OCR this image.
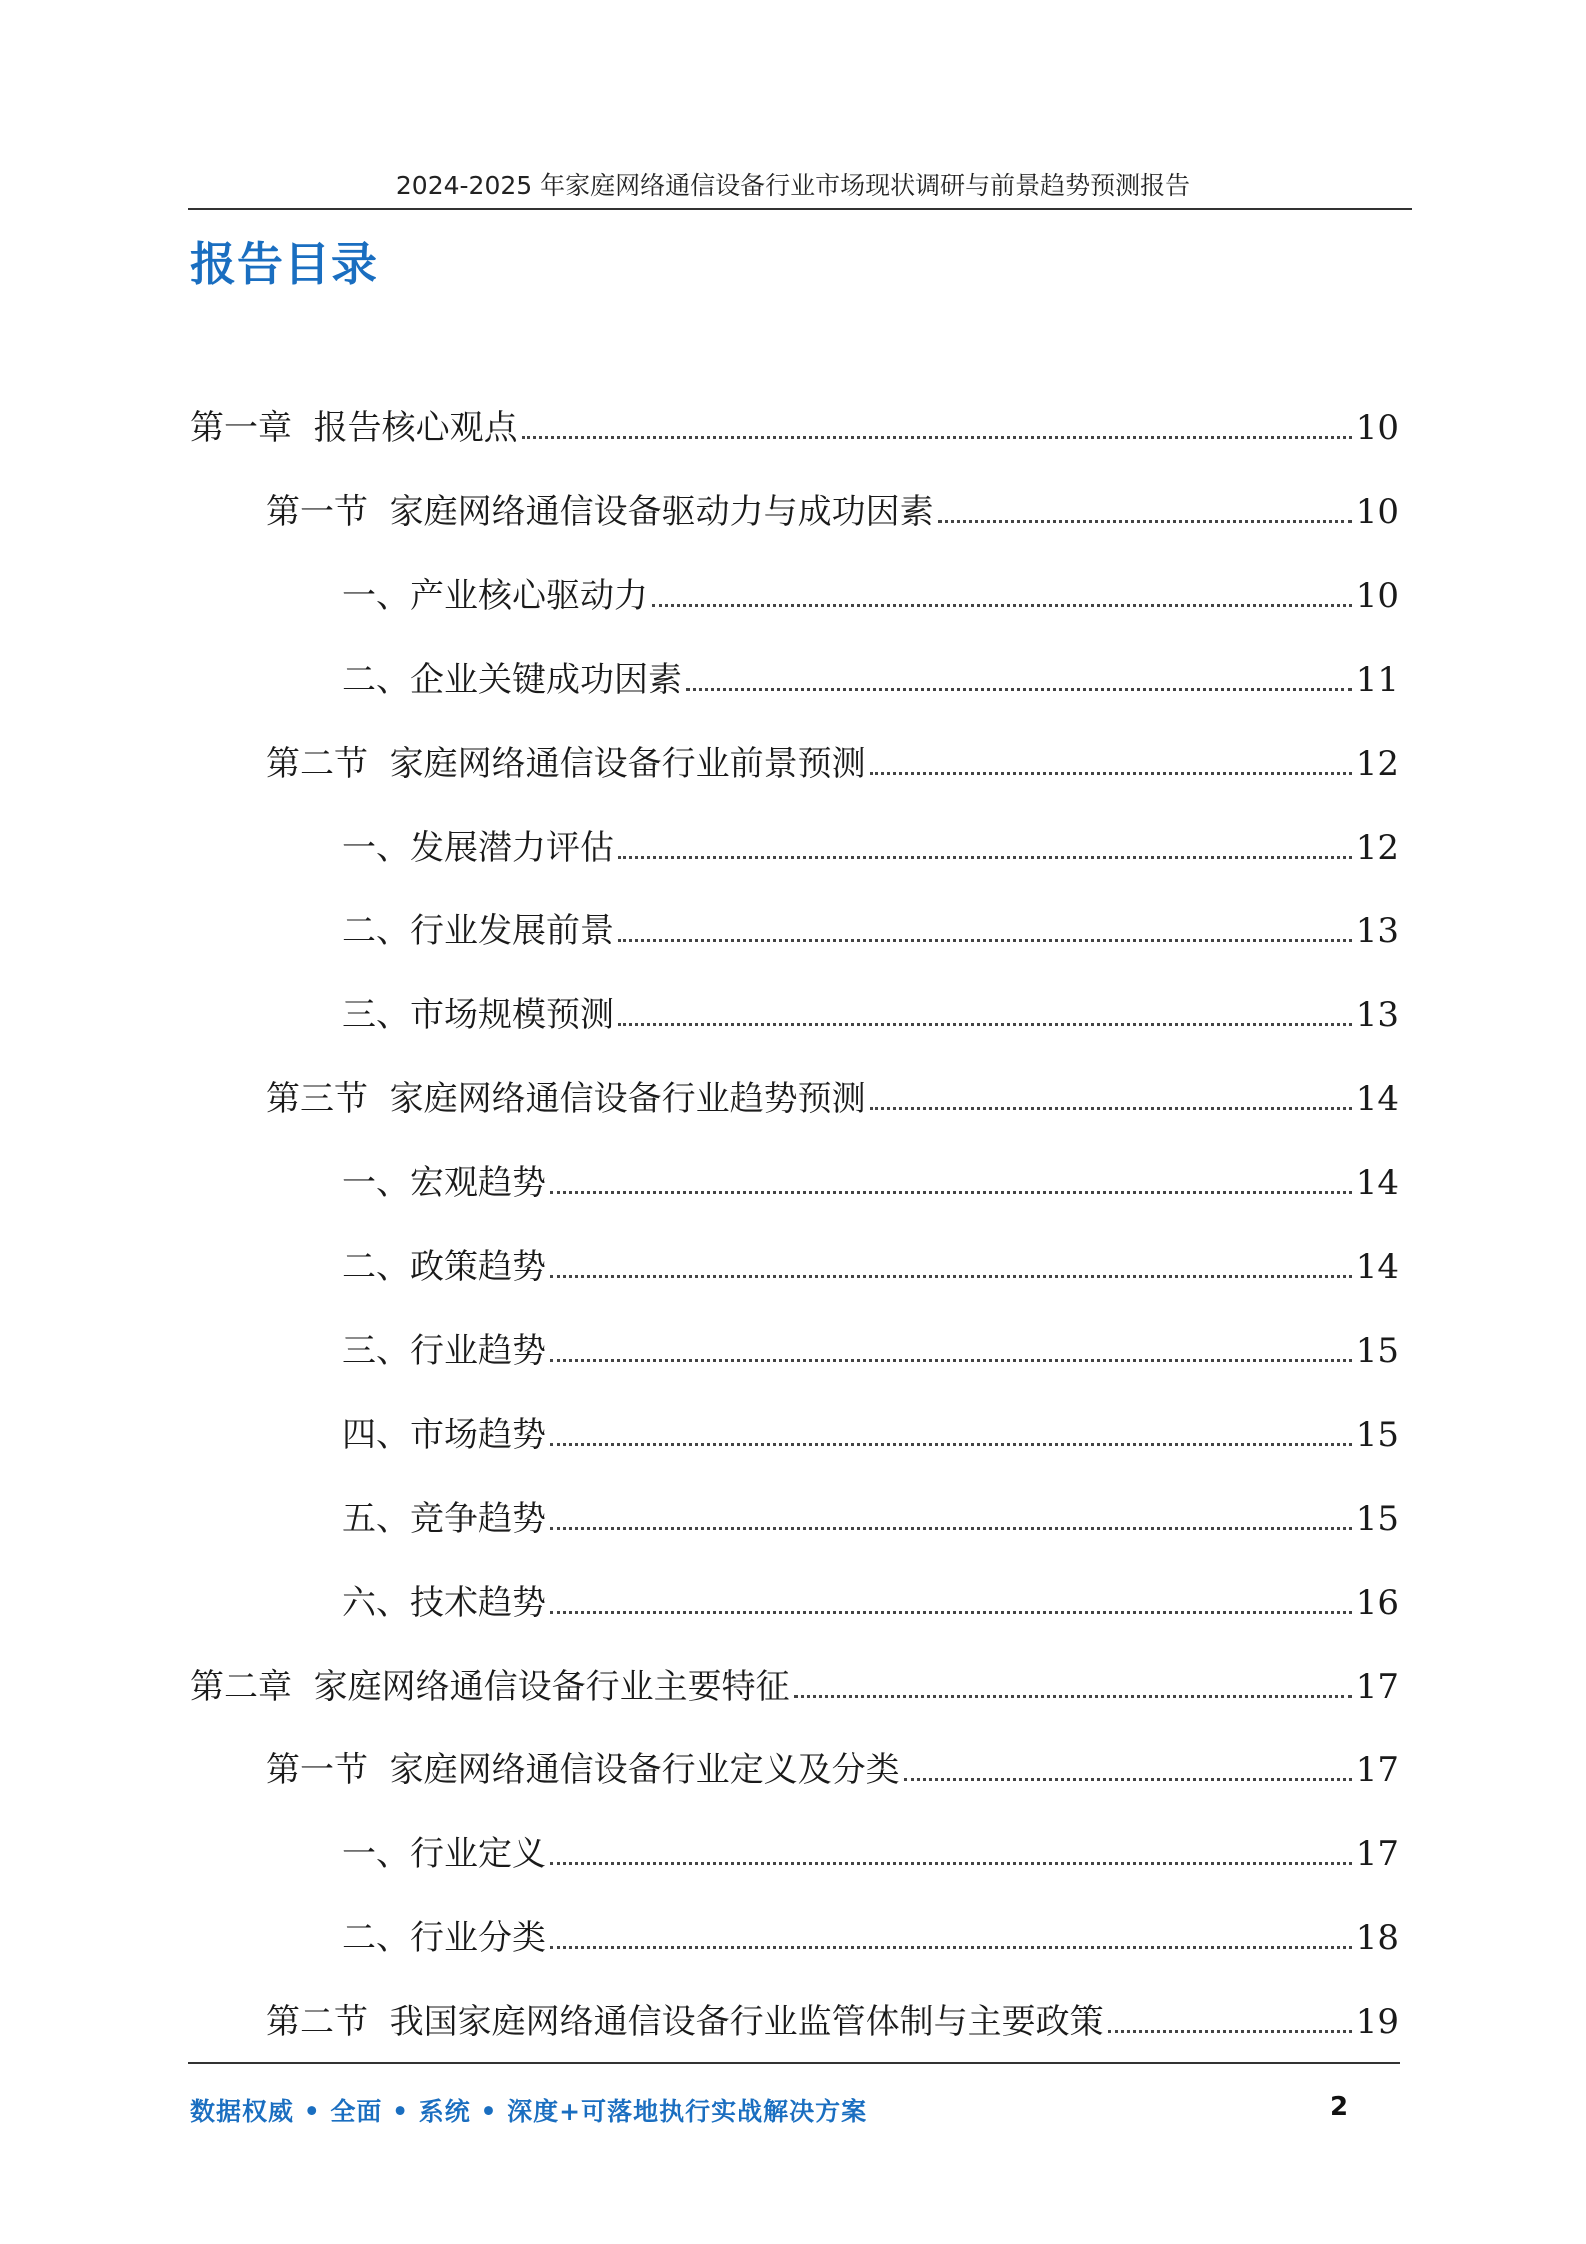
2024-2025 年家庭网络通信设备行业市场现状调研与前景趋势预测报告
报告目录
第一章  报告核心观点	10
第一节  家庭网络通信设备驱动力与成功因素	10
一、产业核心驱动力	10
二、企业关键成功因素	11
第二节  家庭网络通信设备行业前景预测	12
一、发展潜力评估	12
二、行业发展前景	13
三、市场规模预测	13
第三节  家庭网络通信设备行业趋势预测	14
一、宏观趋势	14
二、政策趋势	14
三、行业趋势	15
四、市场趋势	15
五、竞争趋势	15
六、技术趋势	16
第二章  家庭网络通信设备行业主要特征	17
第一节  家庭网络通信设备行业定义及分类	17
一、行业定义	17
二、行业分类	18
第二节  我国家庭网络通信设备行业监管体制与主要政策	19
数据权威 • 全面 • 系统 • 深度+可落地执行实战解决方案	2
